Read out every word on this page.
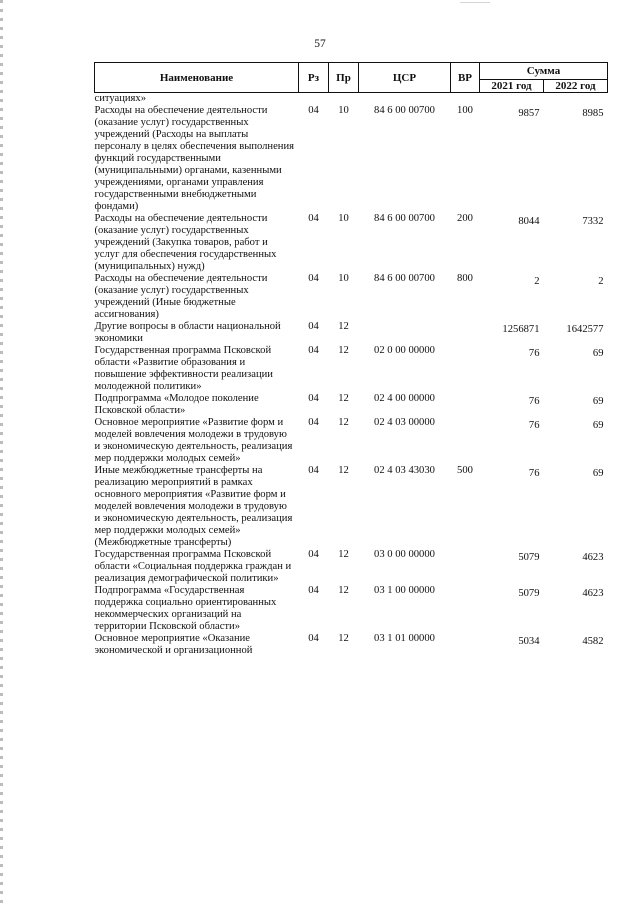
57
Наименование	Рз	Пр	ЦСР	ВР	Сумма	
					2021 год	2022 год
ситуациях»						
Расходы на обеспечение деятельности (оказание услуг) государственных учреждений (Расходы на выплаты персоналу в целях обеспечения выполнения функций государственными (муниципальными) органами, казенными учреждениями, органами управления государственными внебюджетными фондами)	04	10	84 6 00 00700	100	9857	8985
Расходы на обеспечение деятельности (оказание услуг) государственных учреждений (Закупка товаров, работ и услуг для обеспечения государственных (муниципальных) нужд)	04	10	84 6 00 00700	200	8044	7332
Расходы на обеспечение деятельности (оказание услуг) государственных учреждений (Иные бюджетные ассигнования)	04	10	84 6 00 00700	800	2	2
Другие вопросы в области национальной экономики	04	12			1256871	1642577
Государственная программа Псковской области «Развитие образования и повышение эффективности реализации молодежной политики»	04	12	02 0 00 00000		76	69
Подпрограмма «Молодое поколение Псковской области»	04	12	02 4 00 00000		76	69
Основное мероприятие «Развитие форм и моделей вовлечения молодежи в трудовую и экономическую деятельность, реализация мер поддержки молодых семей»	04	12	02 4 03 00000		76	69
Иные межбюджетные трансферты на реализацию мероприятий в рамках основного мероприятия «Развитие форм и моделей вовлечения молодежи в трудовую и экономическую деятельность, реализация мер поддержки молодых семей» (Межбюджетные трансферты)	04	12	02 4 03 43030	500	76	69
Государственная программа Псковской области «Социальная поддержка граждан и реализация демографической политики»	04	12	03 0 00 00000		5079	4623
Подпрограмма «Государственная поддержка социально ориентированных некоммерческих организаций на территории Псковской области»	04	12	03 1 00 00000		5079	4623
Основное мероприятие «Оказание экономической и организационной	04	12	03 1 01 00000		5034	4582
